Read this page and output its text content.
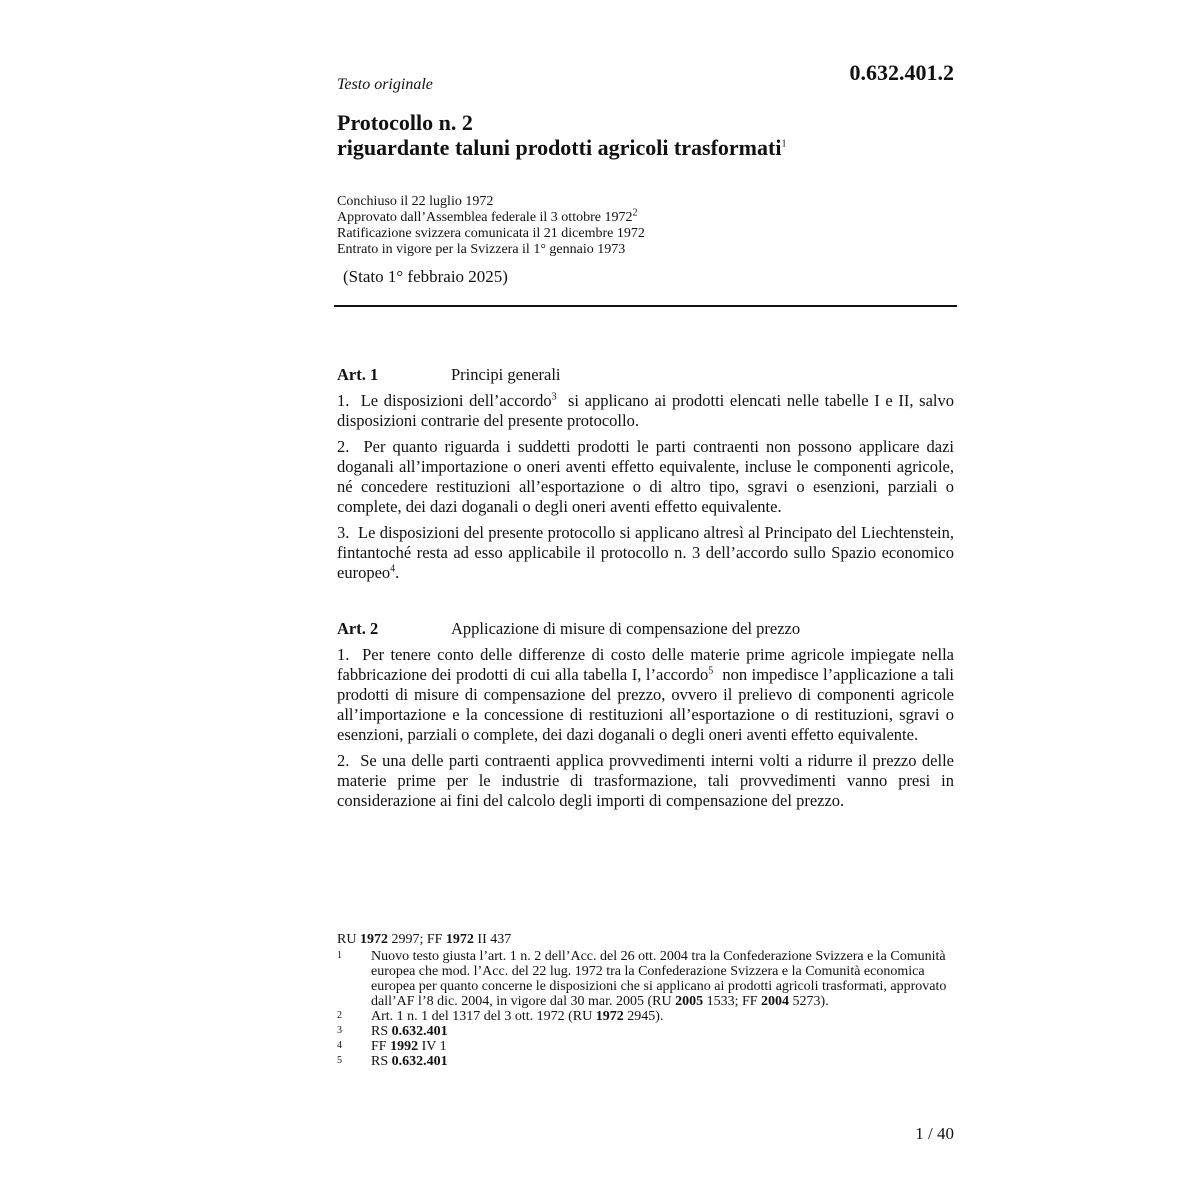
Testo originale	0.632.401.2
Protocollo n. 2
riguardante taluni prodotti agricoli trasformati$^1$
Conchiuso il 22 luglio 1972
Approvato dall’Assemblea federale il 3 ottobre 1972$^2$
Ratificazione svizzera comunicata il 21 dicembre 1972
Entrato in vigore per la Svizzera il 1° gennaio 1973
(Stato 1° febbraio 2025)
Art. 1	Principi generali

1.  Le disposizioni dell’accordo$^3$  si applicano ai prodotti elencati nelle tabelle I e II, salvo disposizioni contrarie del presente protocollo.

2.  Per quanto riguarda i suddetti prodotti le parti contraenti non possono applicare dazi doganali all’importazione o oneri aventi effetto equivalente, incluse le componenti agricole, né concedere restituzioni all’esportazione o di altro tipo, sgravi o esenzioni, parziali o complete, dei dazi doganali o degli oneri aventi effetto equivalente.

3.  Le disposizioni del presente protocollo si applicano altresì al Principato del Liechtenstein, fintantoché resta ad esso applicabile il protocollo n. 3 dell’accordo sullo Spazio economico europeo$^4$.

Art. 2	Applicazione di misure di compensazione del prezzo

1.  Per tenere conto delle differenze di costo delle materie prime agricole impiegate nella fabbricazione dei prodotti di cui alla tabella I, l’accordo$^5$  non impedisce l’applicazione a tali prodotti di misure di compensazione del prezzo, ovvero il prelievo di componenti agricole all’importazione e la concessione di restituzioni all’esportazione o di restituzioni, sgravi o esenzioni, parziali o complete, dei dazi doganali o degli oneri aventi effetto equivalente.

2.  Se una delle parti contraenti applica provvedimenti interni volti a ridurre il prezzo delle materie prime per le industrie di trasformazione, tali provvedimenti vanno presi in considerazione ai fini del calcolo degli importi di compensazione del prezzo.

RU 1972 2997; FF 1972 II 437
1	Nuovo testo giusta l’art. 1 n. 2 dell’Acc. del 26 ott. 2004 tra la Confederazione Svizzera e la Comunità europea che mod. l’Acc. del 22 lug. 1972 tra la Confederazione Svizzera e la Comunità economica europea per quanto concerne le disposizioni che si applicano ai prodotti agricoli trasformati, approvato dall’AF l’8 dic. 2004, in vigore dal 30 mar. 2005 (RU 2005 1533; FF 2004 5273).
2	Art. 1 n. 1 del 1317 del 3 ott. 1972 (RU 1972 2945).
3	RS 0.632.401
4	FF 1992 IV 1
5	RS 0.632.401
1 / 40
